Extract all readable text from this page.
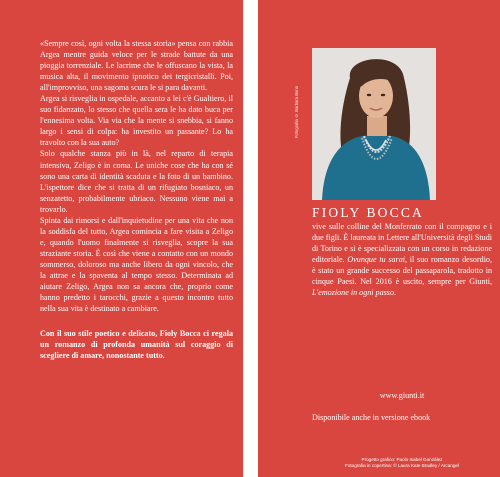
«Sempre così, ogni volta la stessa storia» pensa con rabbia Argea mentre guida veloce per le strade battute da una pioggia torrenziale. Le lacrime che le offuscano la vista, la musica alta, il movimento ipnotico dei tergicristalli. Poi, all'improvviso, una sagoma scura le si para davanti.

Argea si risveglia in ospedale, accanto a lei c'è Gualtiero, il suo fidanzato, lo stesso che quella sera le ha dato buca per l'ennesima volta. Via via che la mente si snebbia, si fanno largo i sensi di colpa: ha investito un passante? Lo ha travolto con la sua auto?

Solo qualche stanza più in là, nel reparto di terapia intensiva, Zeligo è in coma. Le uniche cose che ha con sé sono una carta di identità scaduta e la foto di un bambino. L'ispettore dice che si tratta di un rifugiato bosniaco, un senzatetto, probabilmente ubriaco. Nessuno viene mai a trovarlo.

Spinta dai rimorsi e dall'inquietudine per una vita che non la soddisfa del tutto, Argea comincia a fare visita a Zeligo e, quando l'uomo finalmente si risveglia, scopre la sua straziante storia. È così che viene a contatto con un mondo sommerso, doloroso ma anche libero da ogni vincolo, che la attrae e la spaventa al tempo stesso. Determinata ad aiutare Zeligo, Argea non sa ancora che, proprio come hanno predetto i tarocchi, grazie a questo incontro tutto nella sua vita è destinato a cambiare.

Con il suo stile poetico e delicato, Fioly Bocca ci regala un romanzo di profonda umanità sul coraggio di scegliere di amare, nonostante tutto.

Fotografia © Barbara Bono

FIOLY BOCCA

vive sulle colline del Monferrato con il compagno e i due figli. È laureata in Lettere all'Università degli Studi di Torino e si è specializzata con un corso in redazione editoriale. Ovunque tu sarai, il suo romanzo desordio, è stato un grande successo del passaparola, tradotto in cinque Paesi. Nel 2016 è uscito, sempre per Giunti, L'emozione in ogni passo.

www.giunti.it

Disponibile anche in versione ebook

Progetto grafico: Paolo Isabel González
Fotografia in copertina: © Laura Kate Bradley / Arcangel
